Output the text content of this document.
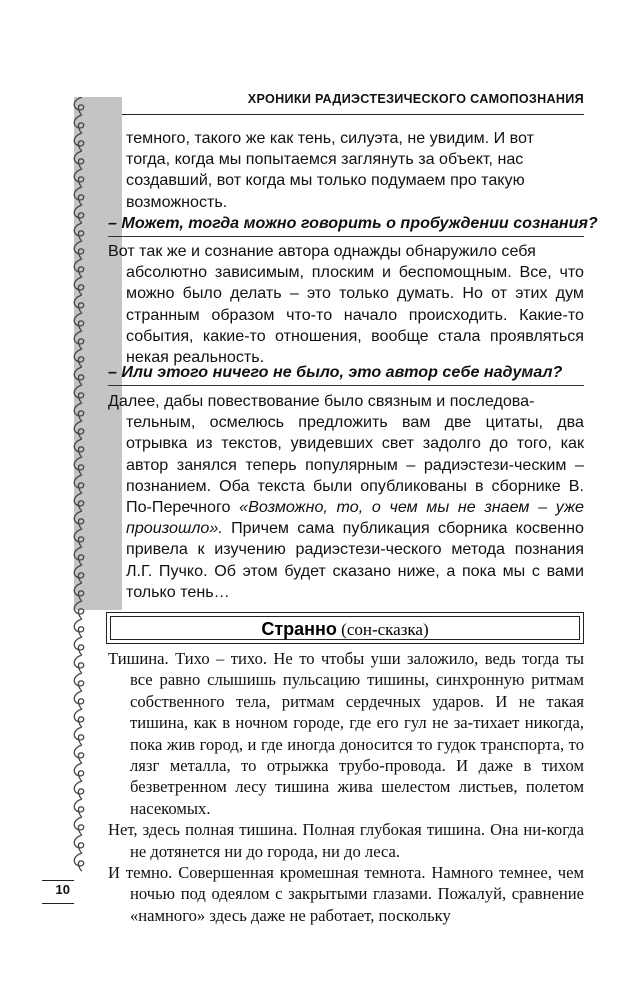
ХРОНИКИ РАДИЭСТЕЗИЧЕСКОГО САМОПОЗНАНИЯ

темного, такого же как тень, силуэта, не увидим. И вот

тогда, когда мы попытаемся заглянуть за объект, нас

создавший, вот когда мы только подумаем про такую

возможность.

– Может, тогда можно говорить о пробуждении сознания?

Вот так же и сознание автора однажды обнаружило себя

абсолютно зависимым, плоским и беспомощным. Все, что можно было делать – это только думать. Но от этих дум странным образом что-то начало происходить. Какие-то события, какие-то отношения, вообще стала проявляться некая реальность.

– Или этого ничего не было, это автор себе надумал?

Далее, дабы повествование было связным и последова-

тельным, осмелюсь предложить вам две цитаты, два отрывка из текстов, увидевших свет задолго до того, как автор занялся теперь популярным – радиэстези-ческим – познанием. Оба текста были опубликованы в сборнике В. По-Перечного «Возможно, то, о чем мы не знаем – уже произошло». Причем сама публикация сборника косвенно привела к изучению радиэстези-ческого метода познания Л.Г. Пучко. Об этом будет сказано ниже, а пока мы с вами только тень…

Странно (сон-сказка)

Тишина. Тихо – тихо. Не то чтобы уши заложило, ведь тогда ты все равно слышишь пульсацию тишины, синхронную ритмам собственного тела, ритмам сердечных ударов. И не такая тишина, как в ночном городе, где его гул не за-тихает никогда, пока жив город, и где иногда доносится то гудок транспорта, то лязг металла, то отрыжка трубо-провода. И даже в тихом безветренном лесу тишина жива шелестом листьев, полетом насекомых.

Нет, здесь полная тишина. Полная глубокая тишина. Она ни-когда не дотянется ни до города, ни до леса.

И темно. Совершенная кромешная темнота. Намного темнее, чем ночью под одеялом с закрытыми глазами. Пожалуй, сравнение «намного» здесь даже не работает, поскольку

10
